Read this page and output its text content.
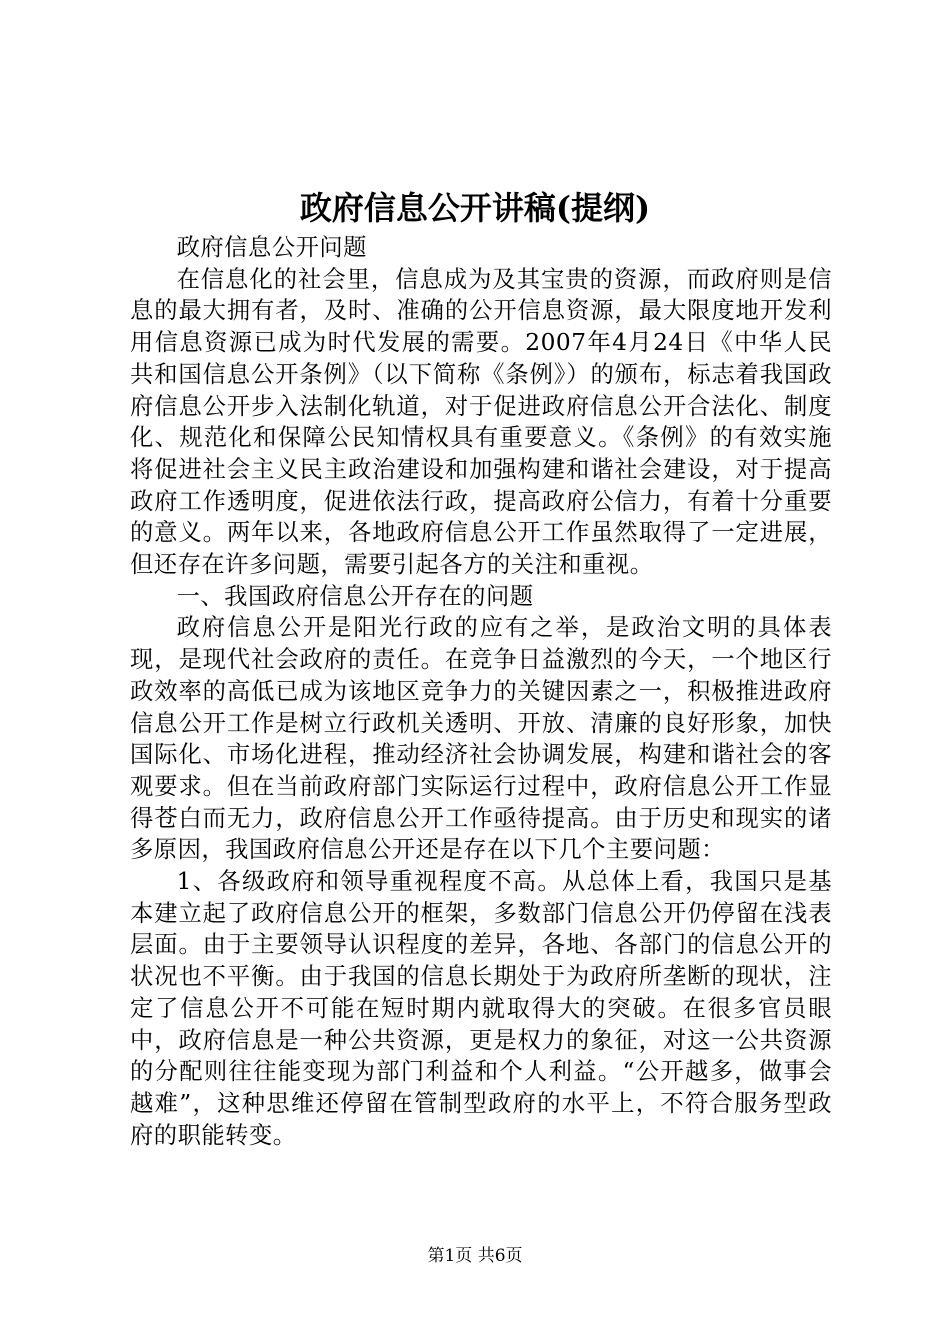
政府信息公开讲稿(提纲)

政府信息公开问题

在信息化的社会里，信息成为及其宝贵的资源，而政府则是信息的最大拥有者，及时、准确的公开信息资源，最大限度地开发利用信息资源已成为时代发展的需要。2007年4月24日《中华人民共和国信息公开条例》（以下简称《条例》）的颁布，标志着我国政府信息公开步入法制化轨道，对于促进政府信息公开合法化、制度化、规范化和保障公民知情权具有重要意义。《条例》的有效实施将促进社会主义民主政治建设和加强构建和谐社会建设，对于提高政府工作透明度，促进依法行政，提高政府公信力，有着十分重要的意义。两年以来，各地政府信息公开工作虽然取得了一定进展，但还存在许多问题，需要引起各方的关注和重视。

一、我国政府信息公开存在的问题

政府信息公开是阳光行政的应有之举，是政治文明的具体表现，是现代社会政府的责任。在竞争日益激烈的今天，一个地区行政效率的高低已成为该地区竞争力的关键因素之一，积极推进政府信息公开工作是树立行政机关透明、开放、清廉的良好形象，加快国际化、市场化进程，推动经济社会协调发展，构建和谐社会的客观要求。但在当前政府部门实际运行过程中，政府信息公开工作显得苍白而无力，政府信息公开工作亟待提高。由于历史和现实的诸多原因，我国政府信息公开还是存在以下几个主要问题：

1、各级政府和领导重视程度不高。从总体上看，我国只是基本建立起了政府信息公开的框架，多数部门信息公开仍停留在浅表层面。由于主要领导认识程度的差异，各地、各部门的信息公开的状况也不平衡。由于我国的信息长期处于为政府所垄断的现状，注定了信息公开不可能在短时期内就取得大的突破。在很多官员眼中，政府信息是一种公共资源，更是权力的象征，对这一公共资源的分配则往往能变现为部门利益和个人利益。“公开越多，做事会越难”，这种思维还停留在管制型政府的水平上，不符合服务型政府的职能转变。

第1页 共6页
